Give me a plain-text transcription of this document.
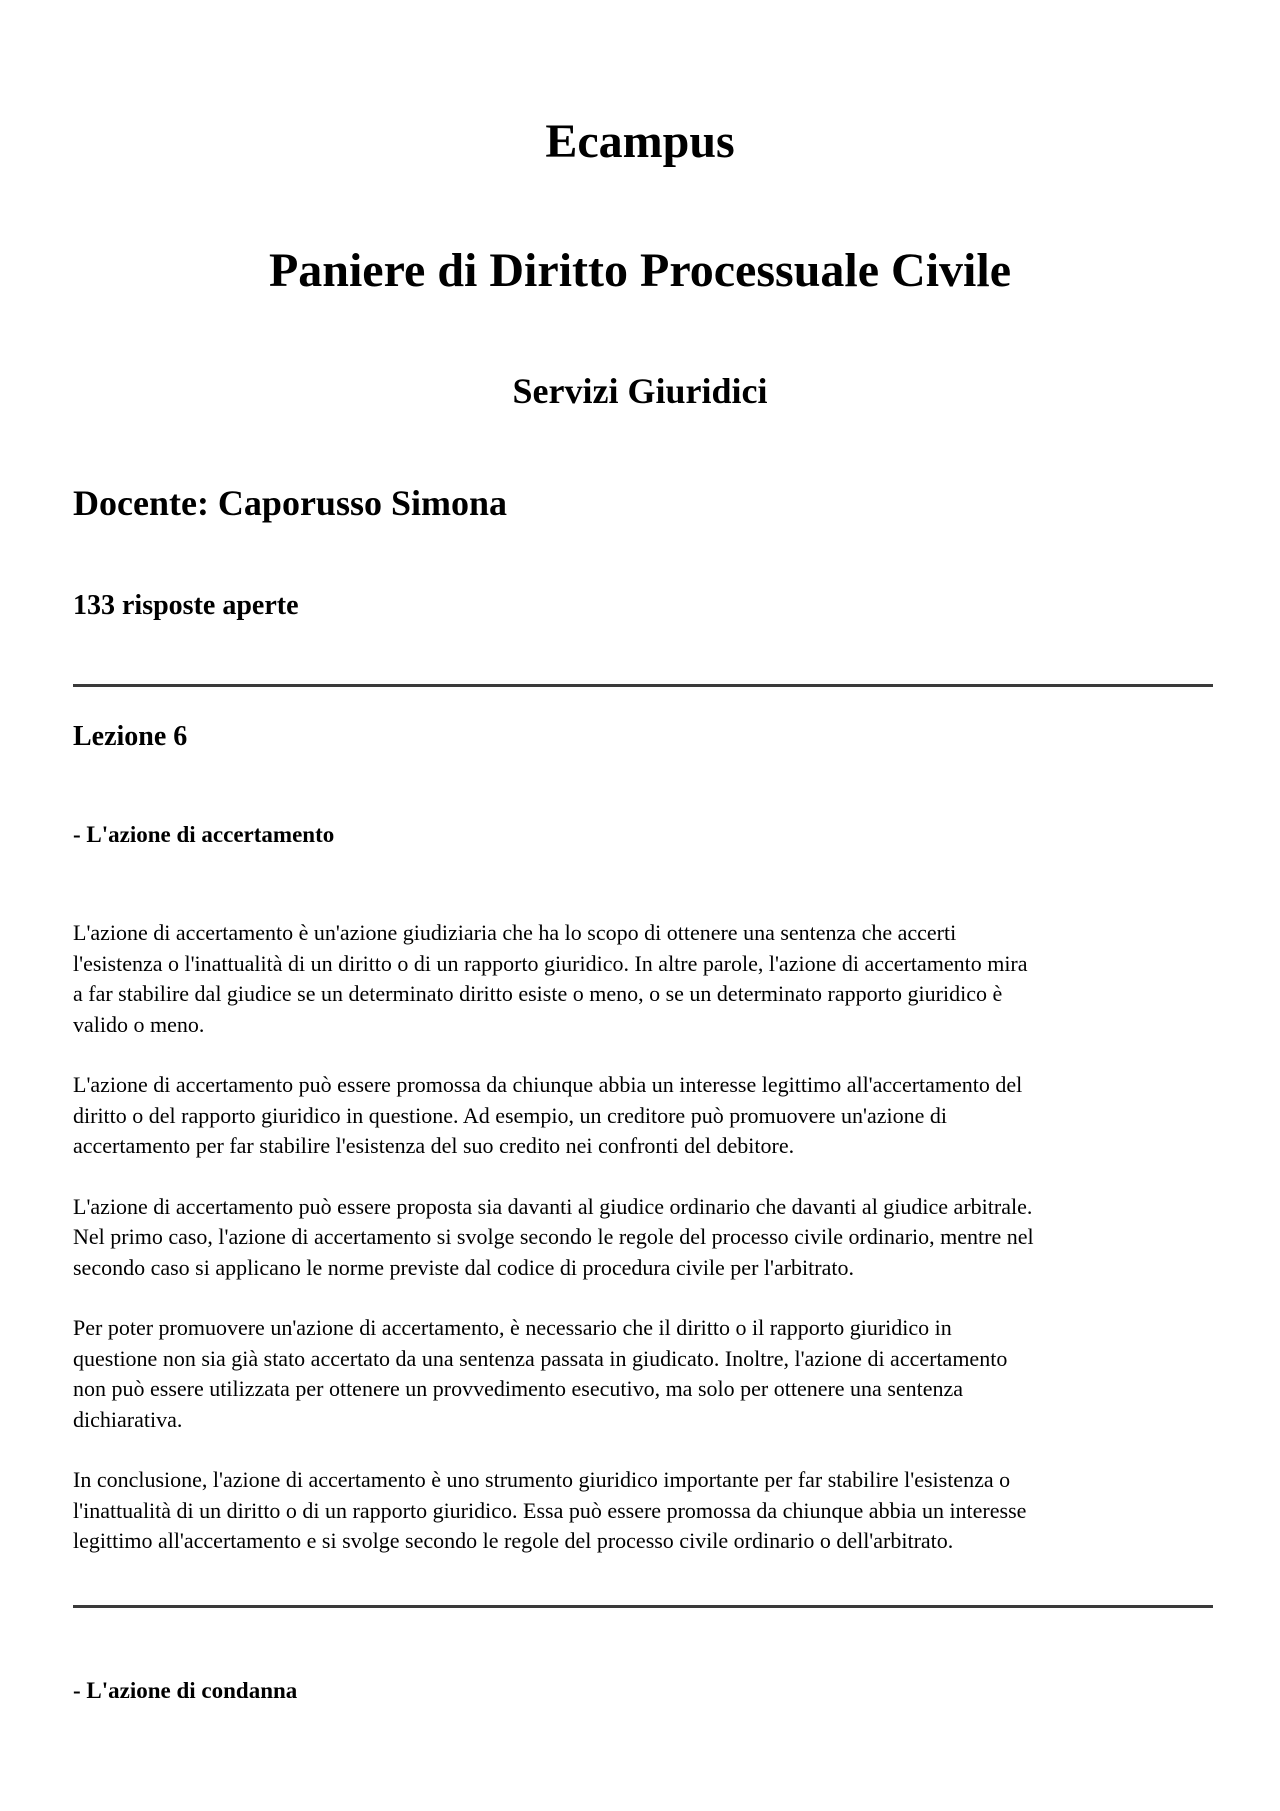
Ecampus
Paniere di Diritto Processuale Civile
Servizi Giuridici
Docente: Caporusso Simona
133 risposte aperte
Lezione 6
- L'azione di accertamento

L'azione di accertamento è un'azione giudiziaria che ha lo scopo di ottenere una sentenza che accerti
l'esistenza o l'inattualità di un diritto o di un rapporto giuridico. In altre parole, l'azione di accertamento mira
a far stabilire dal giudice se un determinato diritto esiste o meno, o se un determinato rapporto giuridico è
valido o meno.

L'azione di accertamento può essere promossa da chiunque abbia un interesse legittimo all'accertamento del
diritto o del rapporto giuridico in questione. Ad esempio, un creditore può promuovere un'azione di
accertamento per far stabilire l'esistenza del suo credito nei confronti del debitore.

L'azione di accertamento può essere proposta sia davanti al giudice ordinario che davanti al giudice arbitrale.
Nel primo caso, l'azione di accertamento si svolge secondo le regole del processo civile ordinario, mentre nel
secondo caso si applicano le norme previste dal codice di procedura civile per l'arbitrato.

Per poter promuovere un'azione di accertamento, è necessario che il diritto o il rapporto giuridico in
questione non sia già stato accertato da una sentenza passata in giudicato. Inoltre, l'azione di accertamento
non può essere utilizzata per ottenere un provvedimento esecutivo, ma solo per ottenere una sentenza
dichiarativa.

In conclusione, l'azione di accertamento è uno strumento giuridico importante per far stabilire l'esistenza o
l'inattualità di un diritto o di un rapporto giuridico. Essa può essere promossa da chiunque abbia un interesse
legittimo all'accertamento e si svolge secondo le regole del processo civile ordinario o dell'arbitrato.

- L'azione di condanna
